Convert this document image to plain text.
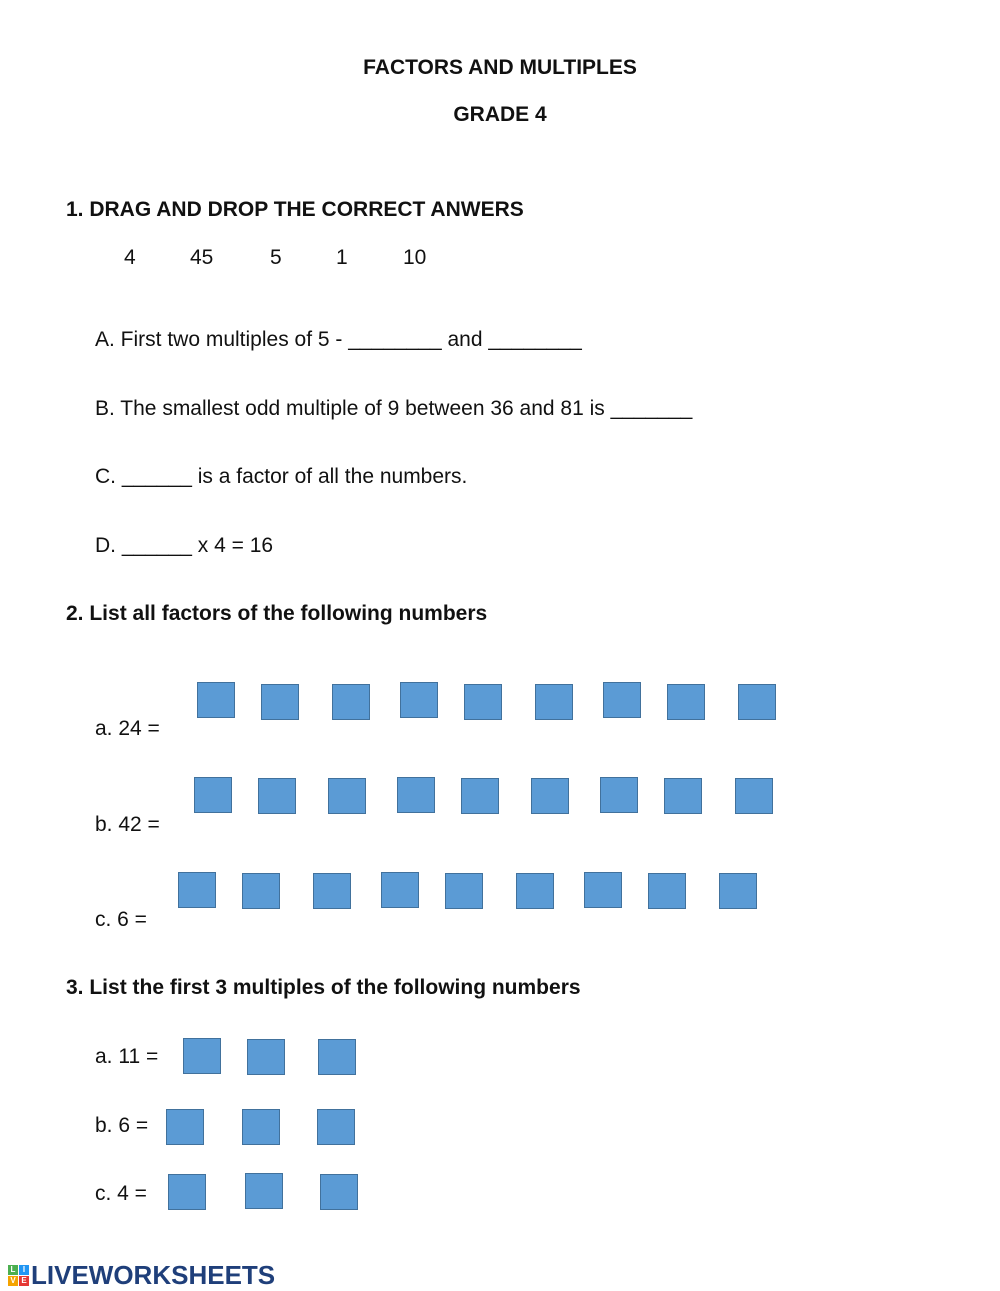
FACTORS AND MULTIPLES
GRADE 4
1. DRAG AND DROP THE CORRECT ANWERS
4	45	5	1	10
A. First two multiples of 5 - ________ and ________
B. The smallest odd multiple of 9 between 36 and 81 is _______
C. ______ is a factor of all the numbers.
D. ______ x 4 = 16
2. List all factors of the following numbers
a. 24 =
b. 42 =
c. 6 =
3. List the first 3 multiples of the following numbers
a. 11 =
b. 6 =
c. 4 =
L I
V E LIVEWORKSHEETS
